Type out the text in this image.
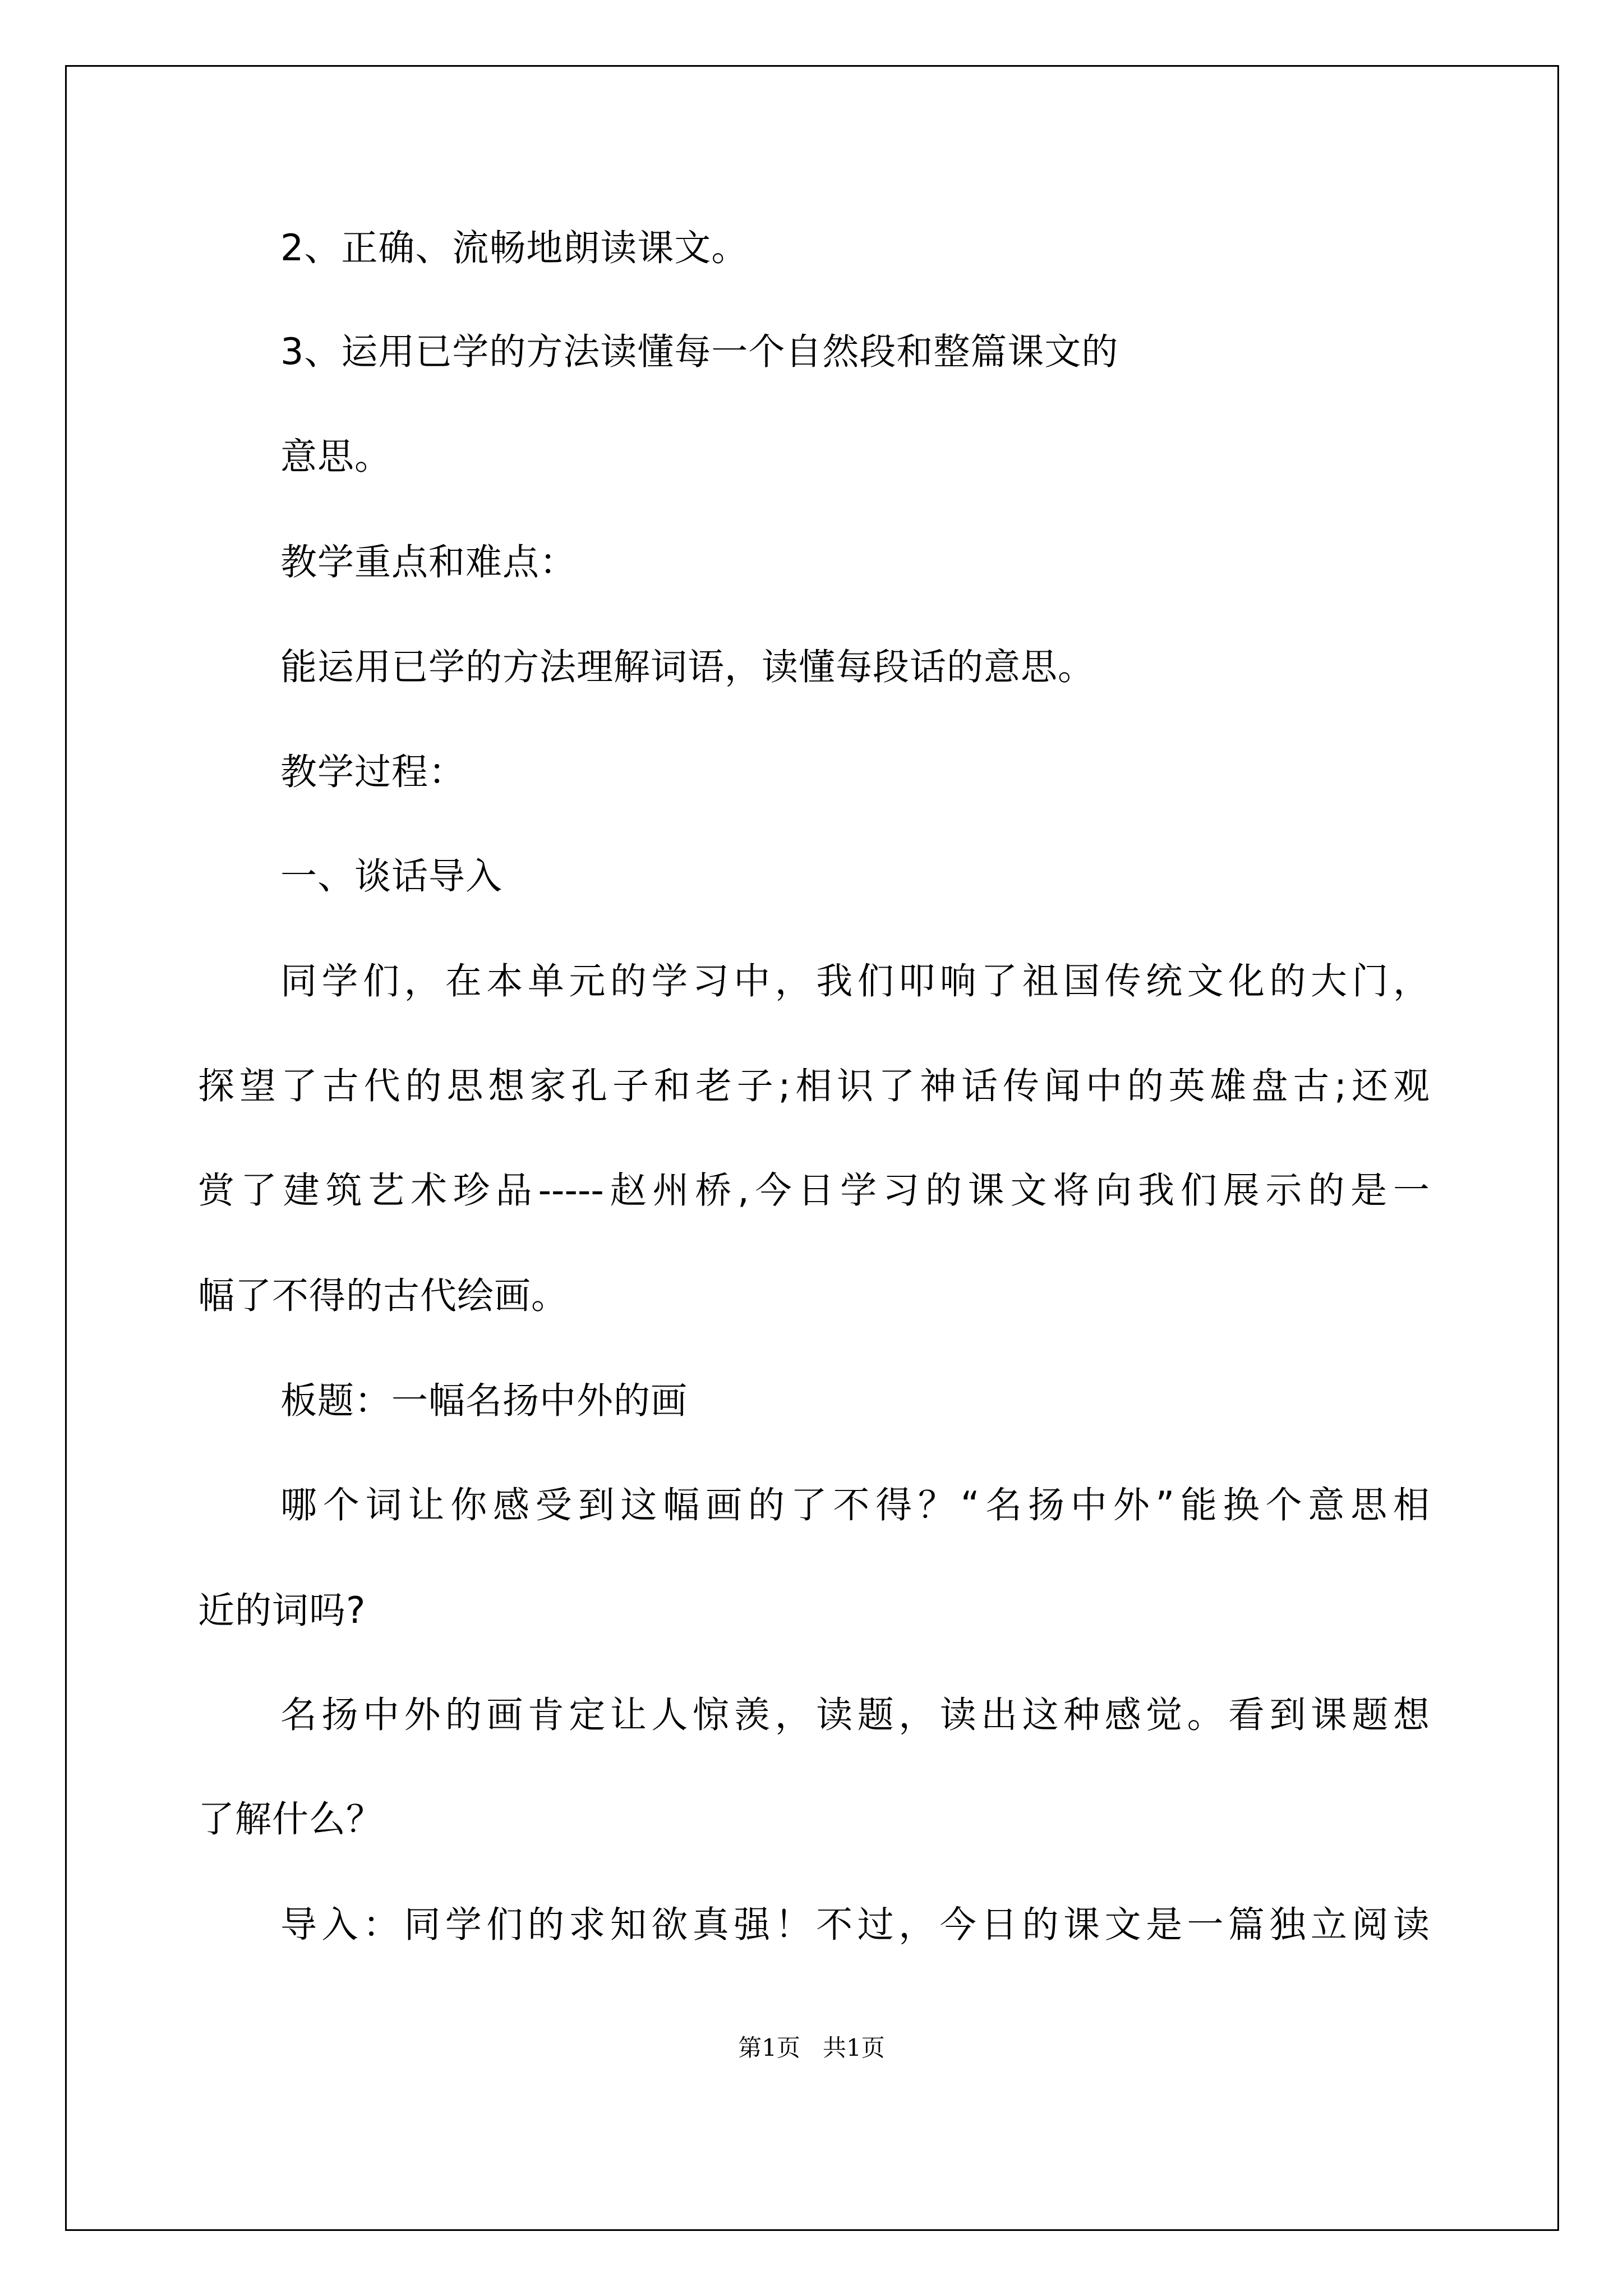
2、正确、流畅地朗读课文。
3、运用已学的方法读懂每一个自然段和整篇课文的
意思。
教学重点和难点：
能运用已学的方法理解词语，读懂每段话的意思。
教学过程：
一、谈话导入
同学们，在本单元的学习中，我们叩响了祖国传统文化的大门，
探望了古代的思想家孔子和老子;相识了神话传闻中的英雄盘古;还观
赏了建筑艺术珍品-----赵州桥,今日学习的课文将向我们展示的是一
幅了不得的古代绘画。
板题：一幅名扬中外的画
哪个词让你感受到这幅画的了不得？“名扬中外”能换个意思相
近的词吗?
名扬中外的画肯定让人惊羡，读题，读出这种感觉。看到课题想
了解什么？
导入：同学们的求知欲真强！不过，今日的课文是一篇独立阅读
第1页   共1页
